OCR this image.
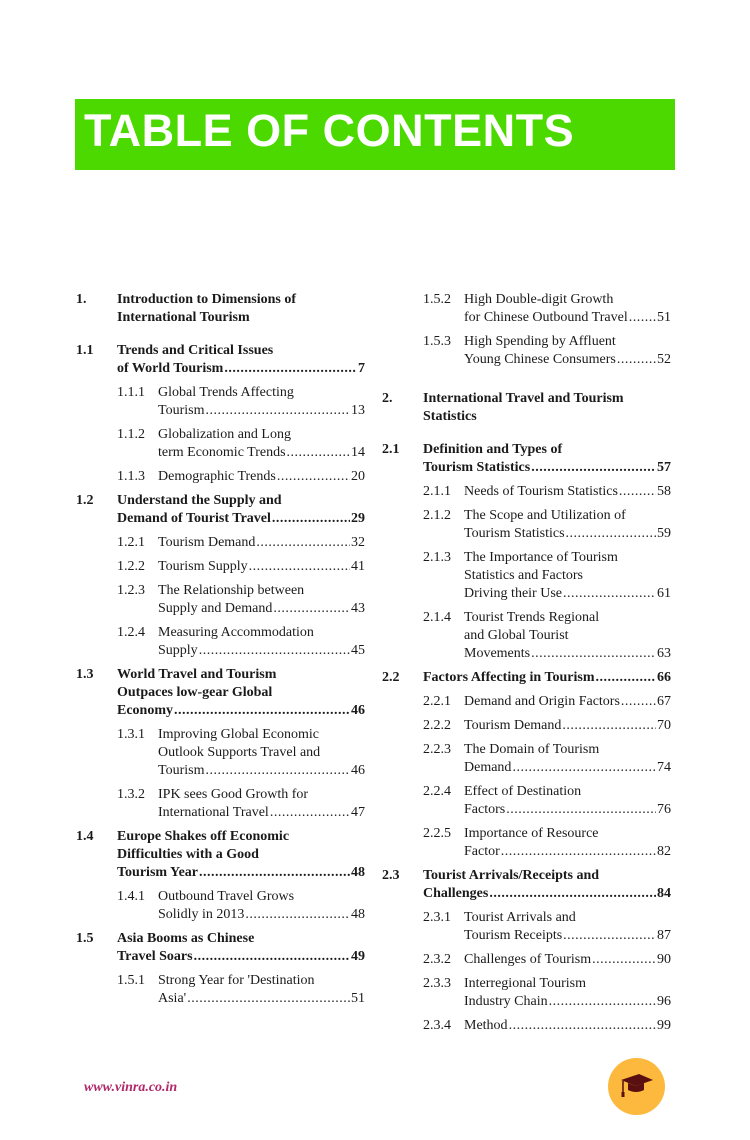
TABLE OF CONTENTS
1.	Introduction to Dimensions of
International Tourism
1.1	Trends and Critical Issues
of World Tourism .....	7
1.1.1 Global Trends Affecting
Tourism .....	13
1.1.2 Globalization and Long
term Economic Trends .....	14
1.1.3 Demographic Trends .....	20
1.2	Understand the Supply and
Demand of Tourist Travel .....	29
1.2.1 Tourism Demand .....	32
1.2.2 Tourism Supply .....	41
1.2.3 The Relationship between
Supply and Demand .....	43
1.2.4 Measuring Accommodation
Supply .....	45
1.3	World Travel and Tourism
Outpaces low-gear Global
Economy .....	46
1.3.1 Improving Global Economic
Outlook Supports Travel and
Tourism .....	46
1.3.2 IPK sees Good Growth for
International Travel .....	47
1.4	Europe Shakes off Economic
Difficulties with a Good
Tourism Year .....	48
1.4.1 Outbound Travel Grows
Solidly in 2013 .....	48
1.5	Asia Booms as Chinese
Travel Soars .....	49
1.5.1 Strong Year for 'Destination
Asia' .....	51
1.5.2 High Double-digit Growth
for Chinese Outbound Travel ..... 51
1.5.3 High Spending by Affluent
Young Chinese Consumers .....	52
2.	International Travel and Tourism
Statistics
2.1	Definition and Types of
Tourism Statistics .....	57
2.1.1 Needs of Tourism Statistics .....	58
2.1.2 The Scope and Utilization of
Tourism Statistics .....	59
2.1.3 The Importance of Tourism
Statistics and Factors
Driving their Use .....	61
2.1.4 Tourist Trends Regional
and Global Tourist
Movements .....	63
2.2	Factors Affecting in Tourism .....	66
2.2.1 Demand and Origin Factors .....	67
2.2.2 Tourism Demand .....	70
2.2.3 The Domain of Tourism
Demand .....	74
2.2.4 Effect of Destination
Factors .....	76
2.2.5 Importance of Resource
Factor .....	82
2.3	Tourist Arrivals/Receipts and
Challenges .....	84
2.3.1 Tourist Arrivals and
Tourism Receipts .....	87
2.3.2 Challenges of Tourism .....	90
2.3.3 Interregional Tourism
Industry Chain .....	96
2.3.4 Method .....	99
www.vinra.co.in
